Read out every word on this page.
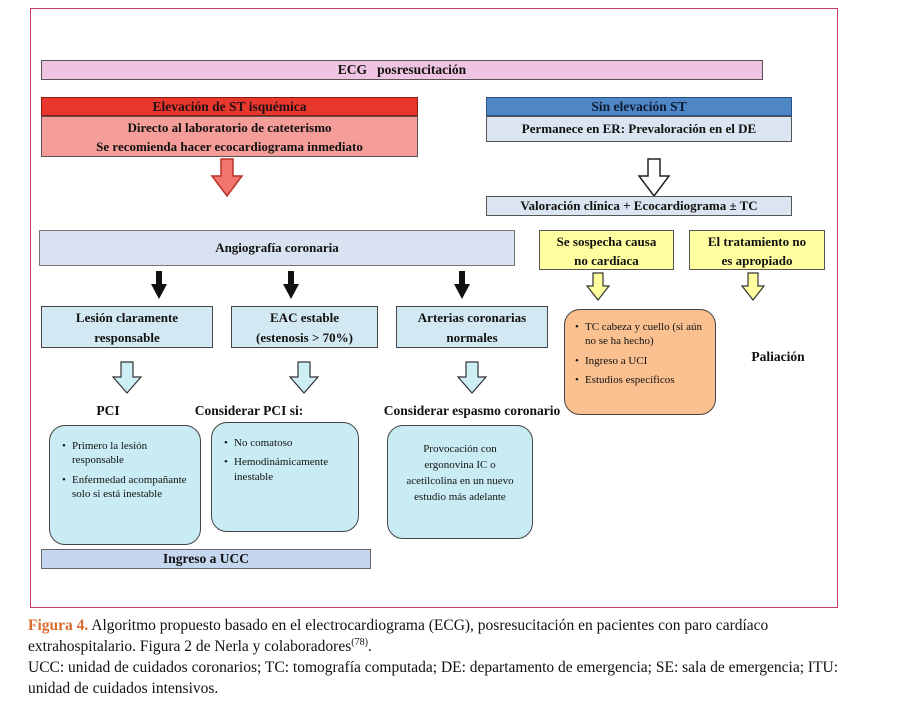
ECG   posresucitación
Elevación de ST isquémica
Directo al laboratorio de cateterismo
Se recomienda hacer ecocardiograma inmediato
Sin elevación ST
Permanece en ER: Prevaloración en el DE
Valoración clínica + Ecocardiograma ± TC
Angiografía coronaria	Se sospecha causa
no cardíaca
El tratamiento no
es apropiado
Lesión claramente
responsable
EAC estable
(estenosis > 70%)
Arterias coronarias
normales
• TC cabeza y cuello (si aún no se ha hecho)
• Ingreso a UCI
• Estudios específicos
Paliación
PCI	Considerar PCI si:	Considerar espasmo coronario
• Primero la lesión responsable
• Enfermedad acompañante solo si está inestable
• No comatoso
• Hemodinámicamente inestable
Provocación con ergonovina IC o acetilcolina en un nuevo estudio más adelante
Ingreso a UCC

Figura 4. Algoritmo propuesto basado en el electrocardiograma (ECG), posresucitación en pacientes con paro cardíaco extrahospitalario. Figura 2 de Nerla y colaboradores$^{(78)}$.

UCC: unidad de cuidados coronarios; TC: tomografía computada; DE: departamento de emergencia; SE: sala de emergencia; ITU: unidad de cuidados intensivos.
